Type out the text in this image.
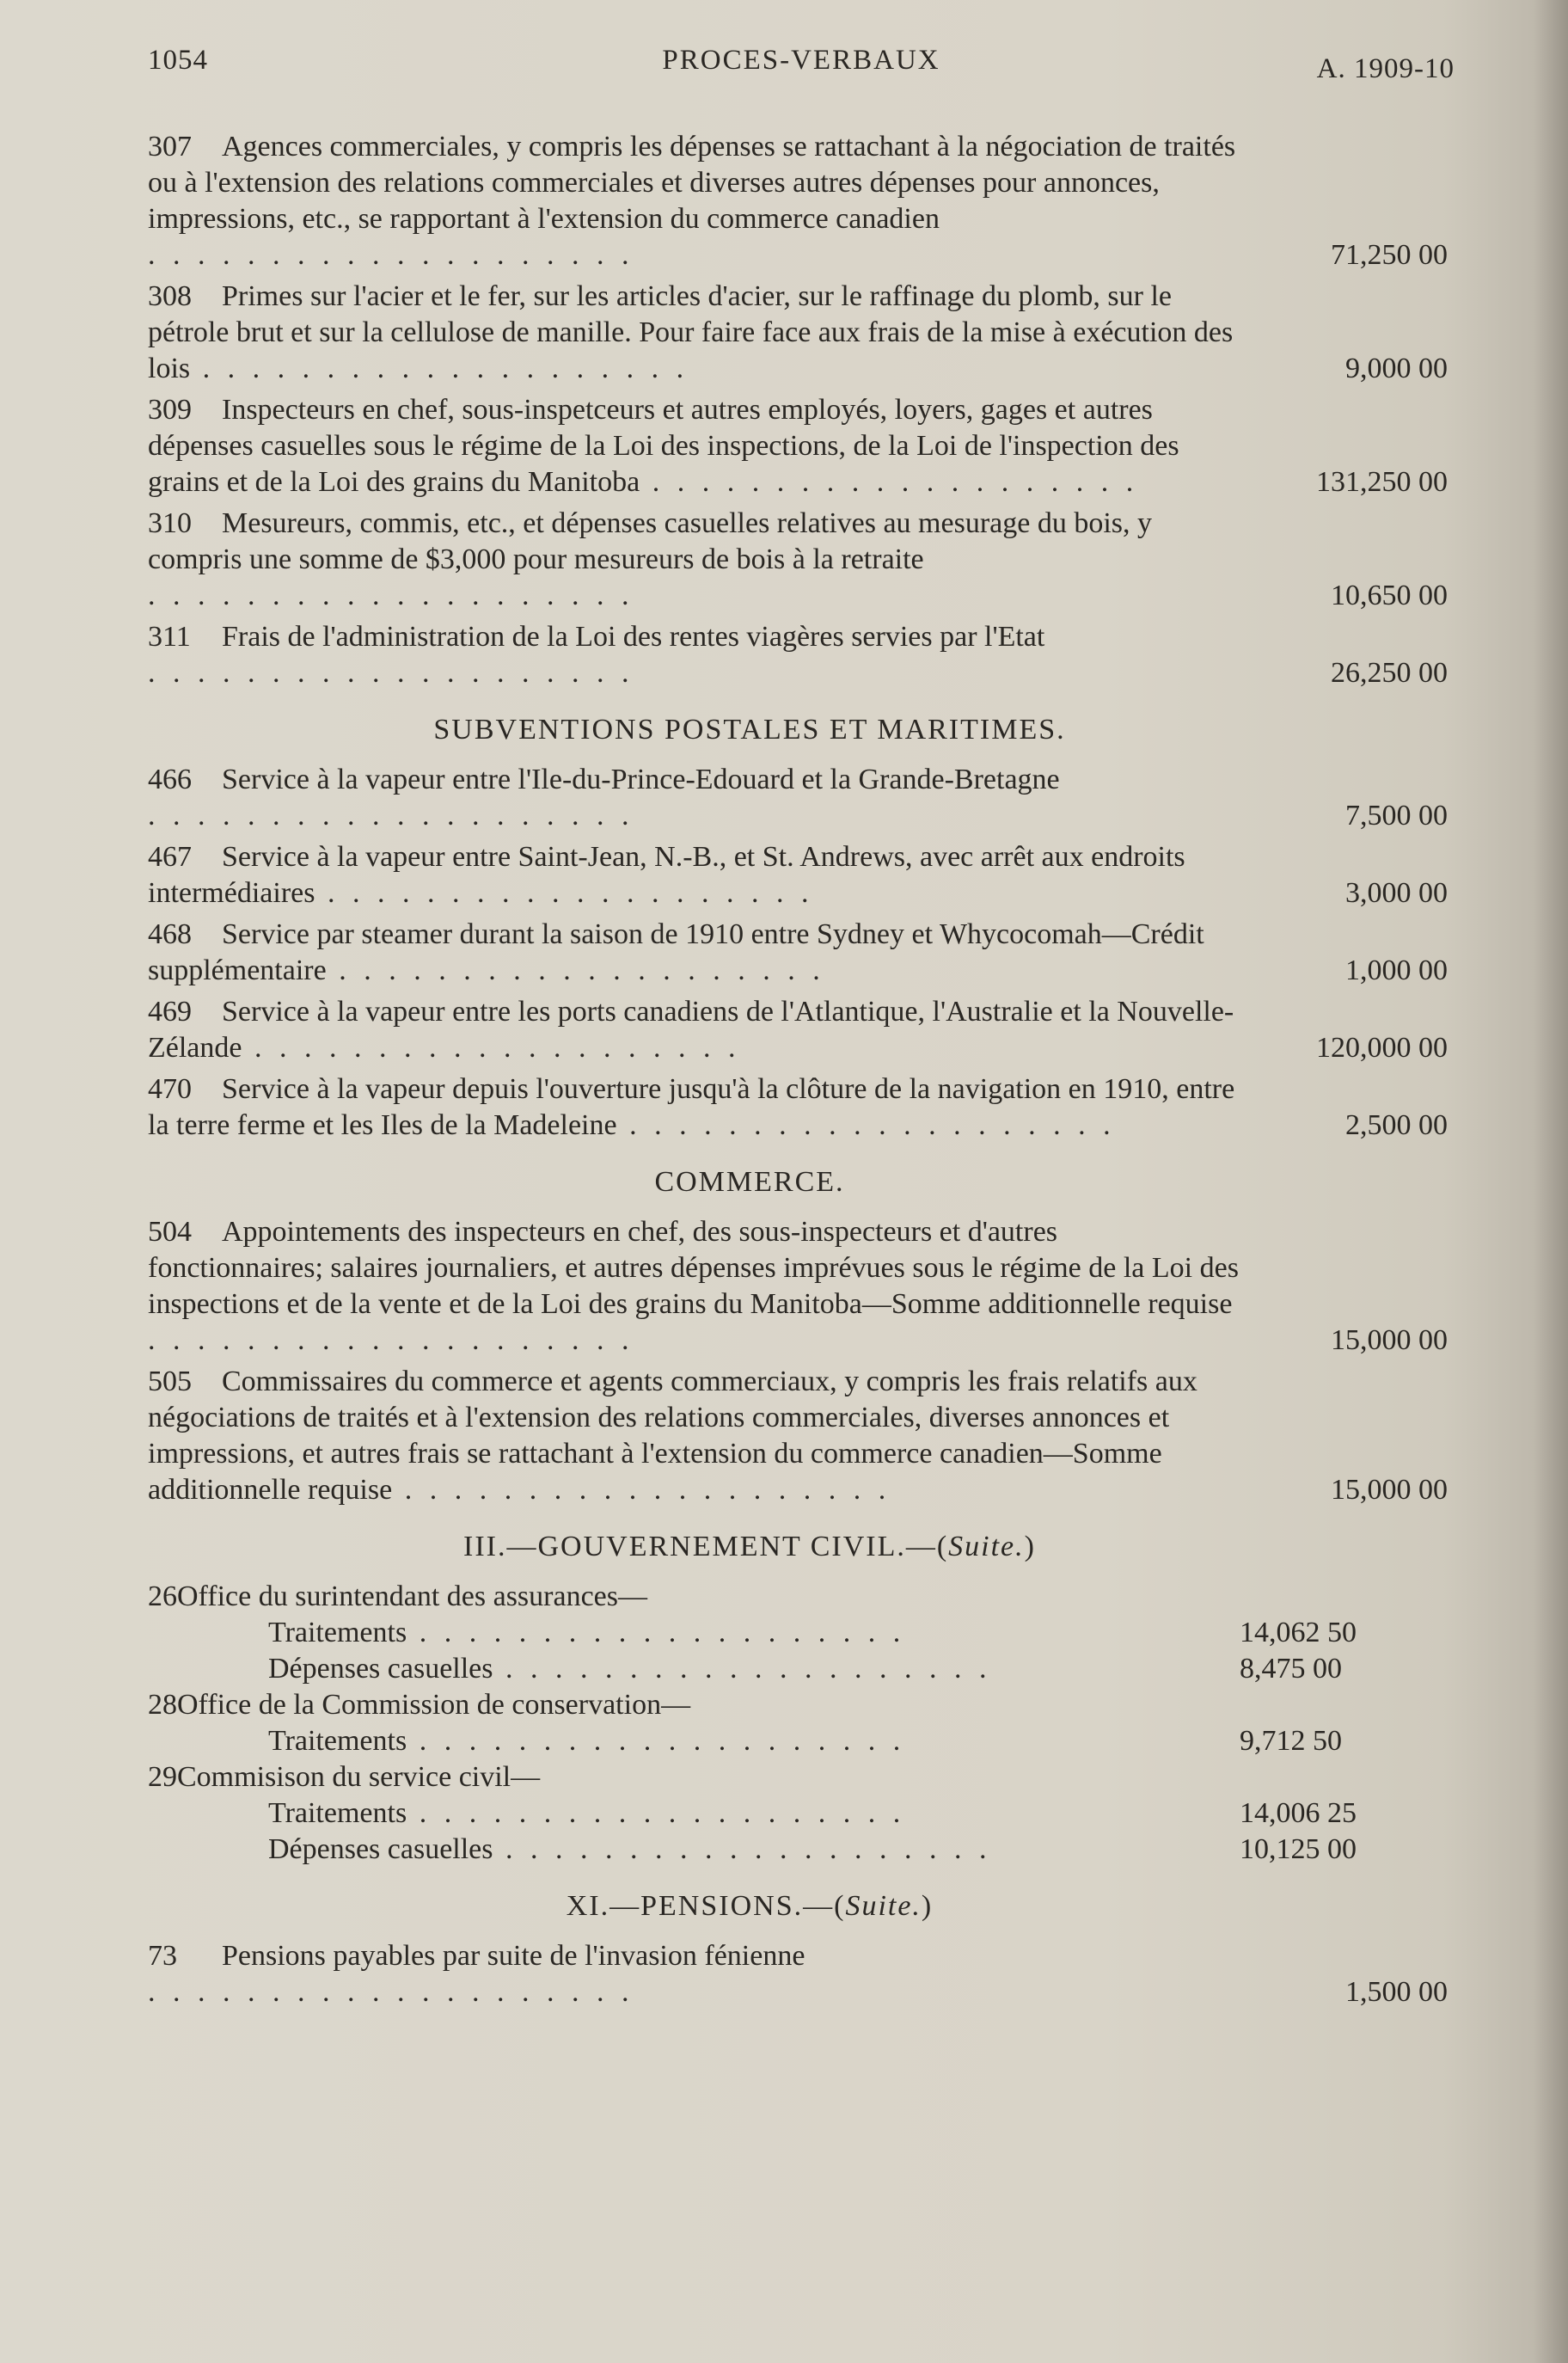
1054	PROCES-VERBAUX	A. 1909-10
307 Agences commerciales, y compris les dépenses se rattachant à la négociation de traités ou à l'extension des relations commerciales et diverses autres dépenses pour annonces, impressions, etc., se rapportant à l'extension du commerce canadien . . . . . . . . . . . . . . . . . . . .	71,250 00
308 Primes sur l'acier et le fer, sur les articles d'acier, sur le raffinage du plomb, sur le pétrole brut et sur la cellulose de manille. Pour faire face aux frais de la mise à exécution des lois . . . . . . . . . . . . . . . . . . . .	9,000 00
309 Inspecteurs en chef, sous-inspetceurs et autres employés, loyers, gages et autres dépenses casuelles sous le régime de la Loi des inspections, de la Loi de l'inspection des grains et de la Loi des grains du Manitoba . . . . . . . . . . . . . . . . . . . .	131,250 00
310 Mesureurs, commis, etc., et dépenses casuelles relatives au mesurage du bois, y compris une somme de $3,000 pour mesureurs de bois à la retraite . . . . . . . . . . . . . . . . . . . .	10,650 00
311 Frais de l'administration de la Loi des rentes viagères servies par l'Etat . . . . . . . . . . . . . . . . . . . .	26,250 00
SUBVENTIONS POSTALES ET MARITIMES.
466 Service à la vapeur entre l'Ile-du-Prince-Edouard et la Grande-Bretagne . . . . . . . . . . . . . . . . . . . .	7,500 00
467 Service à la vapeur entre Saint-Jean, N.-B., et St. Andrews, avec arrêt aux endroits intermédiaires . . . . . . . . . . . . . . . . . . . .	3,000 00
468 Service par steamer durant la saison de 1910 entre Sydney et Whycocomah—Crédit supplémentaire . . . . . . . . . . . . . . . . . . . .	1,000 00
469 Service à la vapeur entre les ports canadiens de l'Atlantique, l'Australie et la Nouvelle-Zélande . . . . . . . . . . . . . . . . . . . .	120,000 00
470 Service à la vapeur depuis l'ouverture jusqu'à la clôture de la navigation en 1910, entre la terre ferme et les Iles de la Madeleine . . . . . . . . . . . . . . . . . . . .	2,500 00
COMMERCE.
504 Appointements des inspecteurs en chef, des sous-inspecteurs et d'autres fonctionnaires; salaires journaliers, et autres dépenses imprévues sous le régime de la Loi des inspections et de la vente et de la Loi des grains du Manitoba—Somme additionnelle requise . . . . . . . . . . . . . . . . . . . .	15,000 00
505 Commissaires du commerce et agents commerciaux, y compris les frais relatifs aux négociations de traités et à l'extension des relations commerciales, diverses annonces et impressions, et autres frais se rattachant à l'extension du commerce canadien—Somme additionnelle requise . . . . . . . . . . . . . . . . . . . .	15,000 00
III.—GOUVERNEMENT CIVIL.—(Suite.)
26Office du surintendant des assurances—
Traitements . . . . . . . . . . . . . . . . . . . .	14,062 50
Dépenses casuelles . . . . . . . . . . . . . . . . . . . .	8,475 00
28Office de la Commission de conservation—
Traitements . . . . . . . . . . . . . . . . . . . .	9,712 50
29Commisison du service civil—
Traitements . . . . . . . . . . . . . . . . . . . .	14,006 25
Dépenses casuelles . . . . . . . . . . . . . . . . . . . .	10,125 00
XI.—PENSIONS.—(Suite.)
73 Pensions payables par suite de l'invasion fénienne . . . . . . . . . . . . . . . . . . . .	1,500 00
